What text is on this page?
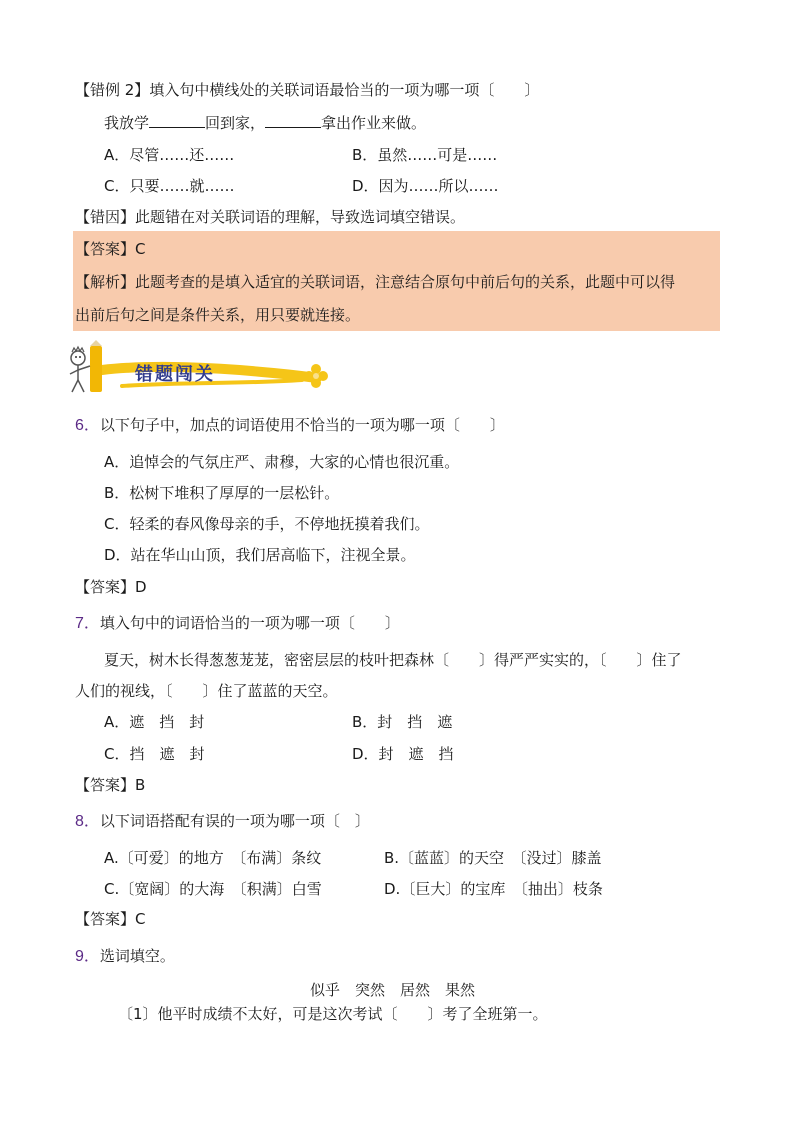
【错例 2】填入句中横线处的关联词语最恰当的一项为哪一项〔　　〕
我放学	回到家，	拿出作业来做。
A．尽管……还……	B．虽然……可是……
C．只要……就……	D．因为……所以……
【错因】此题错在对关联词语的理解，导致选词填空错误。
【答案】C
【解析】此题考查的是填入适宜的关联词语，注意结合原句中前后句的关系，此题中可以得
出前后句之间是条件关系，用只要就连接。
错题闯关
6．以下句子中，加点的词语使用不恰当的一项为哪一项〔　　〕
A．追悼会的气氛庄严、肃穆，大家的心情也很沉重。
B．松树下堆积了厚厚的一层松针。
C．轻柔的春风像母亲的手，不停地抚摸着我们。
D．站在华山山顶，我们居高临下，注视全景。
【答案】D
7．填入句中的词语恰当的一项为哪一项〔　　〕
夏天，树木长得葱葱茏茏，密密层层的枝叶把森林〔　　〕得严严实实的，〔　　〕住了
人们的视线，〔　　〕住了蓝蓝的天空。
A．遮　挡　封	B．封　挡　遮
C．挡　遮　封	D．封　遮　挡
【答案】B
8．以下词语搭配有误的一项为哪一项〔　〕
A.〔可爱〕的地方　〔布满〕条纹	B.〔蓝蓝〕的天空　〔没过〕膝盖
C.〔宽阔〕的大海　〔积满〕白雪	D.〔巨大〕的宝库　〔抽出〕枝条
【答案】C
9．选词填空。
似乎　突然　居然　果然
〔1〕他平时成绩不太好，可是这次考试〔　　〕考了全班第一。
